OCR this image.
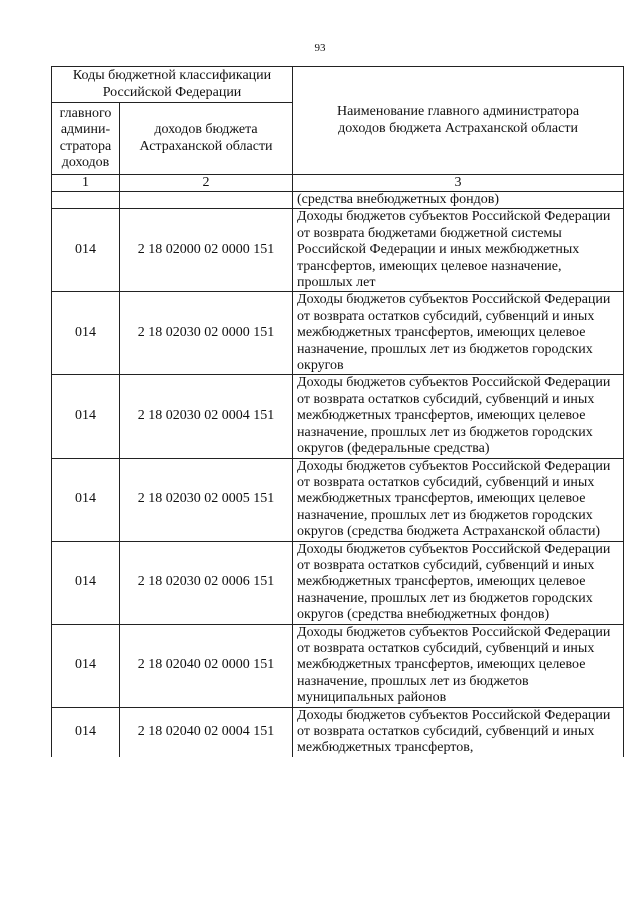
93
Коды бюджетной классификации Российской Федерации		Наименование главного администратора доходов бюджета Астраханской области
главного админи-стратора доходов	доходов бюджета Астраханской области	
1	2	3
		(средства внебюджетных фондов)
014	2 18 02000 02 0000 151	Доходы бюджетов субъектов Российской Федерации от возврата бюджетами бюджетной системы Российской Федерации и иных межбюджетных трансфертов, имеющих целевое назначение, прошлых лет
014	2 18 02030 02 0000 151	Доходы бюджетов субъектов Российской Федерации от возврата остатков субсидий, субвенций и иных межбюджетных трансфертов, имеющих целевое назначение, прошлых лет из бюджетов городских округов
014	2 18 02030 02 0004 151	Доходы бюджетов субъектов Российской Федерации от возврата остатков субсидий, субвенций и иных межбюджетных трансфертов, имеющих целевое назначение, прошлых лет из бюджетов городских округов (федеральные средства)
014	2 18 02030 02 0005 151	Доходы бюджетов субъектов Российской Федерации от возврата остатков субсидий, субвенций и иных межбюджетных трансфертов, имеющих целевое назначение, прошлых лет из бюджетов городских округов (средства бюджета Астраханской области)
014	2 18 02030 02 0006 151	Доходы бюджетов субъектов Российской Федерации от возврата остатков субсидий, субвенций и иных межбюджетных трансфертов, имеющих целевое назначение, прошлых лет из бюджетов городских округов (средства внебюджетных фондов)
014	2 18 02040 02 0000 151	Доходы бюджетов субъектов Российской Федерации от возврата остатков субсидий, субвенций и иных межбюджетных трансфертов, имеющих целевое назначение, прошлых лет из бюджетов муниципальных районов
014	2 18 02040 02 0004 151	Доходы бюджетов субъектов Российской Федерации от возврата остатков субсидий, субвенций и иных межбюджетных трансфертов,
